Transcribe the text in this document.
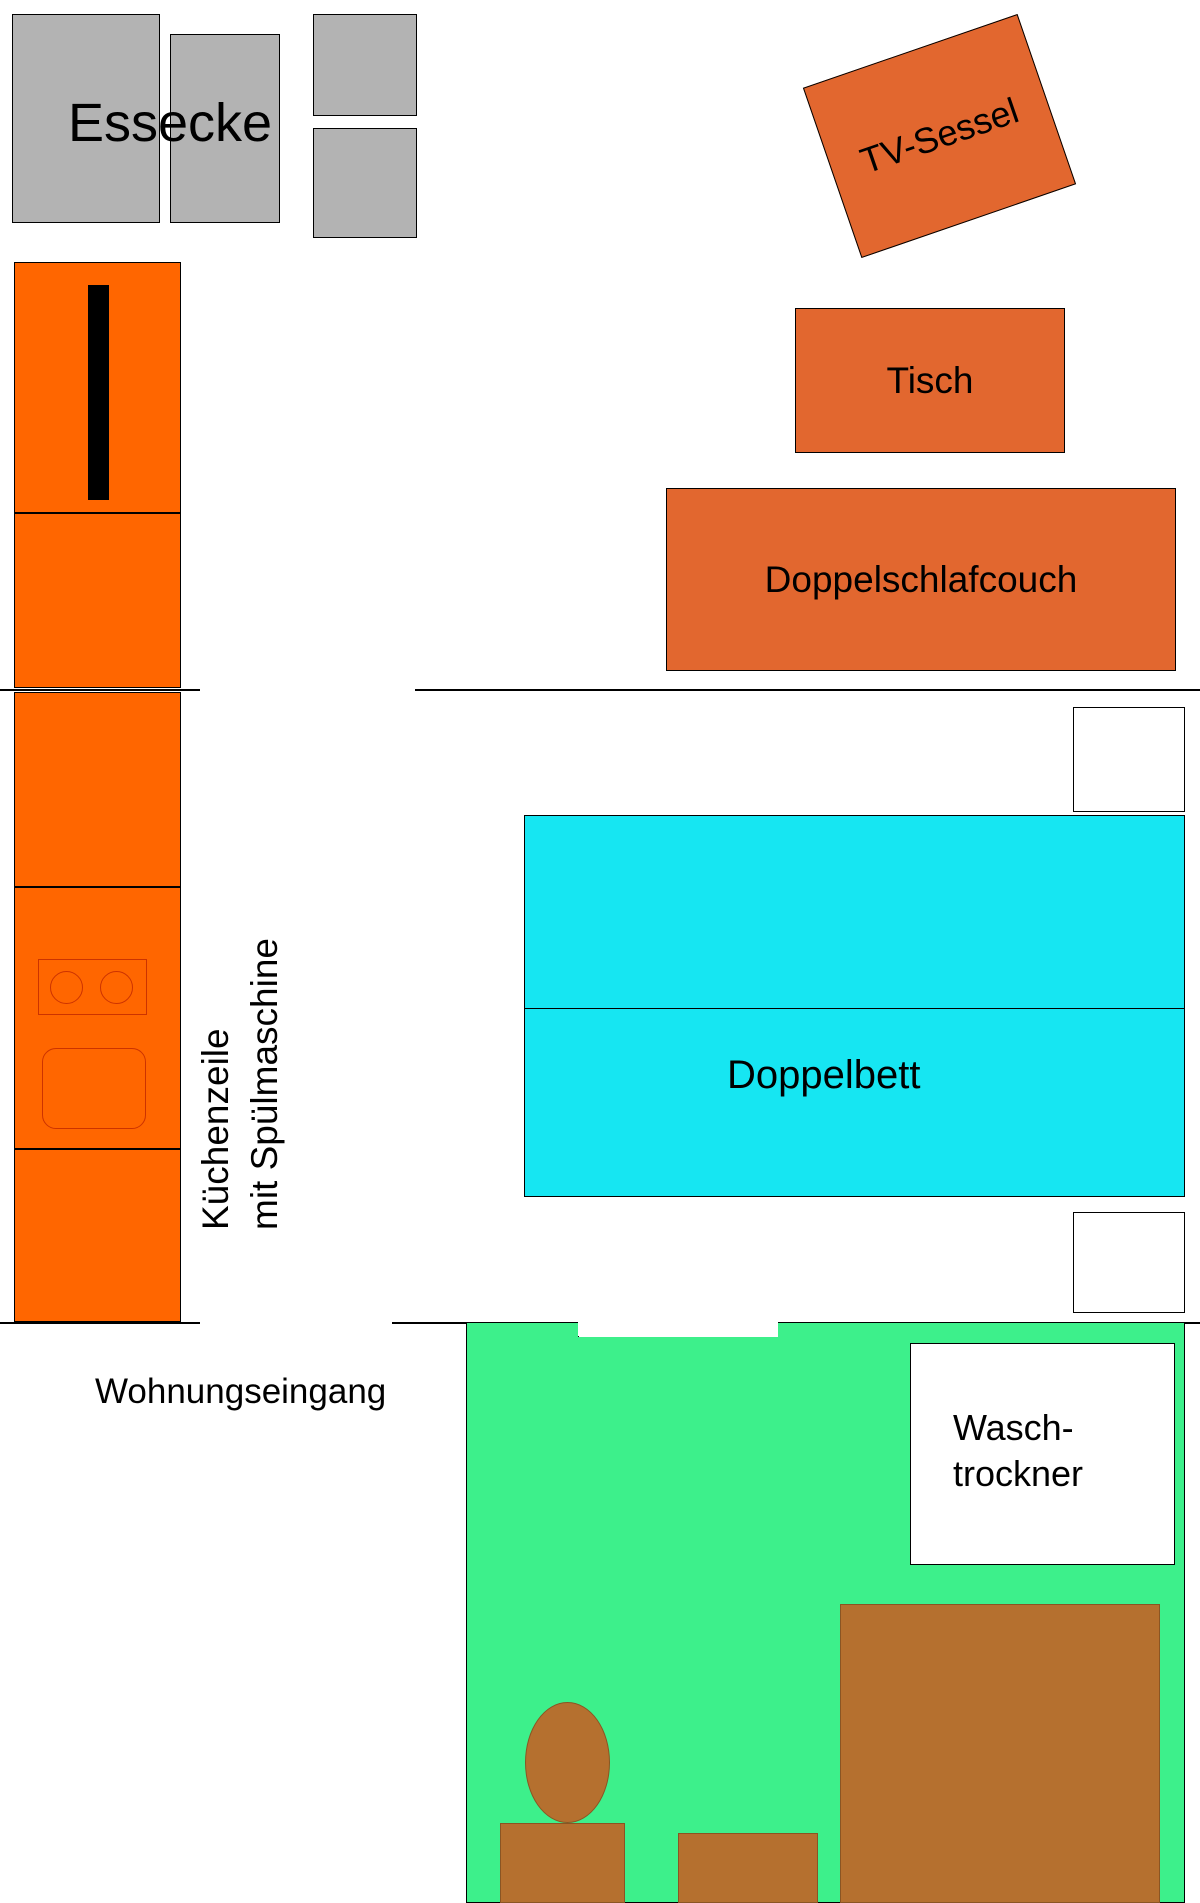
Essecke
Küchenzeile mit Spülmaschine
TV-Sessel
Tisch
Doppelschlafcouch
Doppelbett
Wohnungseingang
Wasch-
trockner
